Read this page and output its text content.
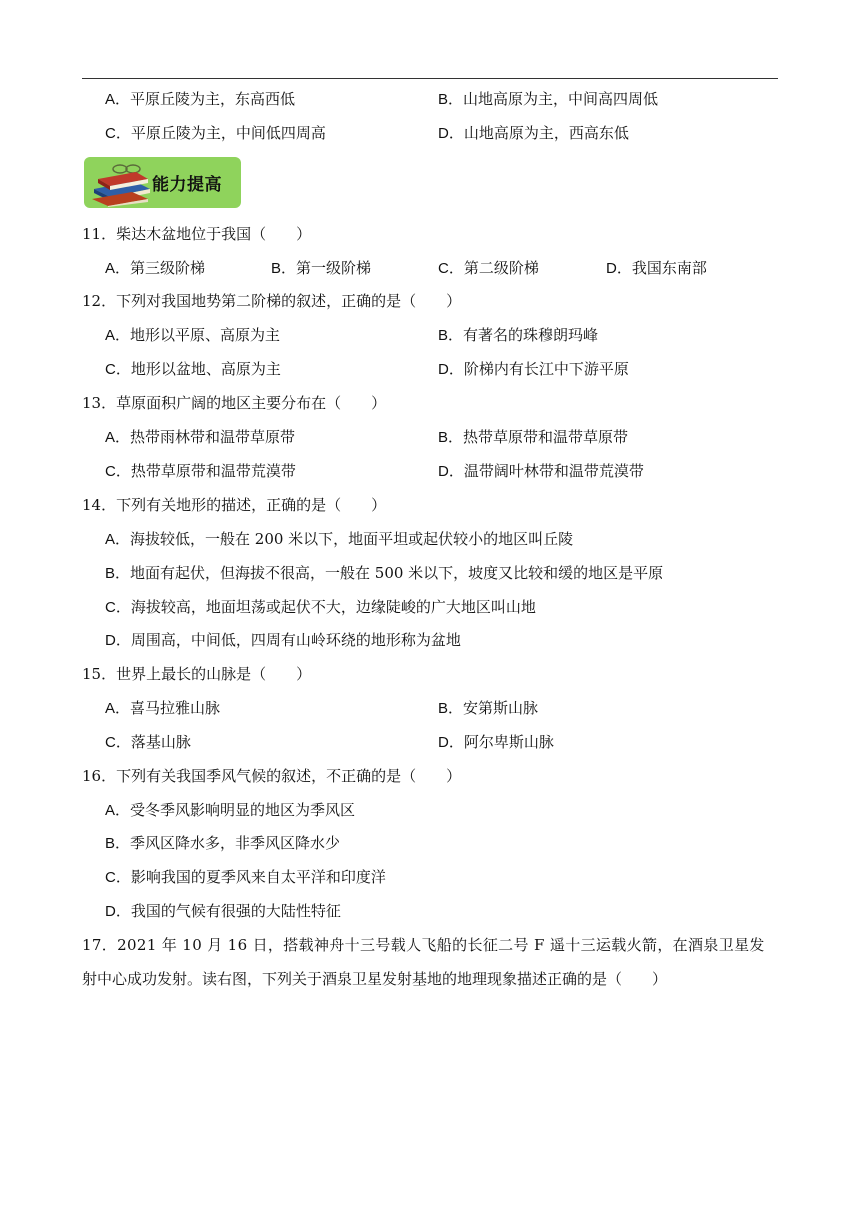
A．平原丘陵为主，东高西低	B．山地高原为主，中间高四周低
C．平原丘陵为主，中间低四周高	D．山地高原为主，西高东低
能力提高
11．柴达木盆地位于我国（　　）
A．第三级阶梯	B．第一级阶梯	C．第二级阶梯	D．我国东南部
12．下列对我国地势第二阶梯的叙述，正确的是（　　）
A．地形以平原、高原为主	B．有著名的珠穆朗玛峰
C．地形以盆地、高原为主	D．阶梯内有长江中下游平原
13．草原面积广阔的地区主要分布在（　　）
A．热带雨林带和温带草原带	B．热带草原带和温带草原带
C．热带草原带和温带荒漠带	D．温带阔叶林带和温带荒漠带
14．下列有关地形的描述，正确的是（　　）
A．海拔较低，一般在 200 米以下，地面平坦或起伏较小的地区叫丘陵
B．地面有起伏，但海拔不很高，一般在 500 米以下，坡度又比较和缓的地区是平原
C．海拔较高，地面坦荡或起伏不大，边缘陡峻的广大地区叫山地
D．周围高，中间低，四周有山岭环绕的地形称为盆地
15．世界上最长的山脉是（　　）
A．喜马拉雅山脉	B．安第斯山脉
C．落基山脉	D．阿尔卑斯山脉
16．下列有关我国季风气候的叙述，不正确的是（　　）
A．受冬季风影响明显的地区为季风区
B．季风区降水多，非季风区降水少
C．影响我国的夏季风来自太平洋和印度洋
D．我国的气候有很强的大陆性特征
17．2021 年 10 月 16 日，搭载神舟十三号载人飞船的长征二号 F 遥十三运载火箭，在酒泉卫星发
射中心成功发射。读右图，下列关于酒泉卫星发射基地的地理现象描述正确的是（　　）
